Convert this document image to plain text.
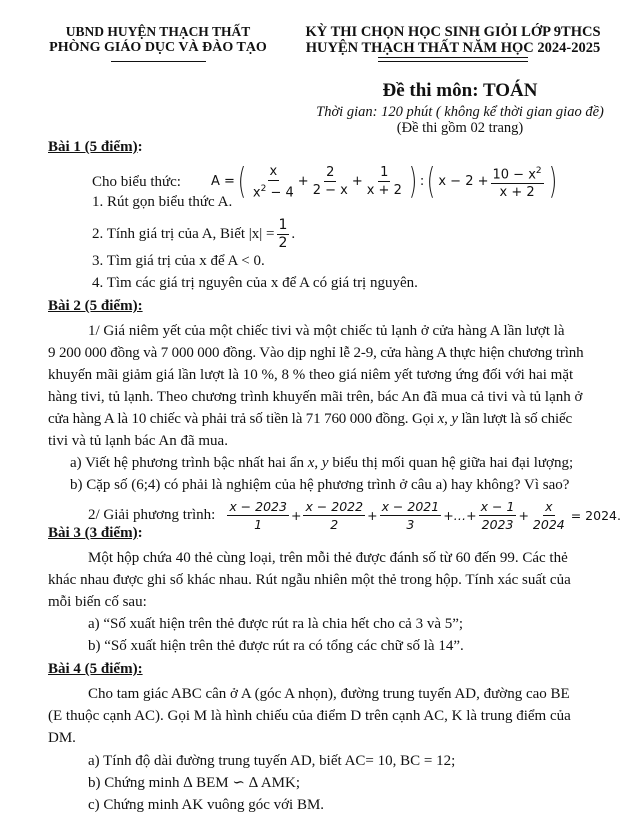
UBND HUYỆN THẠCH THẤT
PHÒNG GIÁO DỤC VÀ ĐÀO TẠO
KỲ THI CHỌN HỌC SINH GIỎI LỚP 9THCS
HUYỆN THẠCH THẤT NĂM HỌC 2024-2025
Đề thi môn: TOÁN
Thời gian: 120 phút ( không kể thời gian giao đề)
(Đề thi gồm 02 trang)
Bài 1 (5 điểm):
Cho biểu thức: A = ( $\frac{x}{x^2 - 4} + \frac{2}{2 - x} + \frac{1}{x + 2}$ ) : ( $x - 2 + \frac{10 - x^2}{x + 2}$ )
1. Rút gọn biểu thức A.
2. Tính giá trị của A, Biết $|x| = \frac{1}{2}$ .
3. Tìm giá trị của x để A < 0.
4. Tìm các giá trị nguyên của x để A có giá trị nguyên.
Bài 2 (5 điểm):
1/ Giá niêm yết của một chiếc tivi và một chiếc tủ lạnh ở cửa hàng A lần lượt là
9 200 000 đồng và 7 000 000 đồng. Vào dịp nghỉ lễ 2-9, cửa hàng A thực hiện chương trình
khuyến mãi giảm giá lần lượt là 10 %, 8 % theo giá niêm yết tương ứng đối với hai mặt
hàng tivi, tủ lạnh. Theo chương trình khuyến mãi trên, bác An đã mua cả tivi và tủ lạnh ở
cửa hàng A là 10 chiếc và phải trả số tiền là 71 760 000 đồng. Gọi x, y lần lượt là số chiếc
tivi và tủ lạnh bác An đã mua.
a) Viết hệ phương trình bậc nhất hai ẩn x, y biểu thị mối quan hệ giữa hai đại lượng;
b) Cặp số (6;4) có phải là nghiệm của hệ phương trình ở câu a) hay không? Vì sao?
2/ Giải phương trình: $\frac{x - 2023}{1} + \frac{x - 2022}{2} + \frac{x - 2021}{3}$ +…+ $\frac{x - 1}{2023} + \frac{x}{2024} = 2024$.
Bài 3 (3 điểm):
Một hộp chứa 40 thẻ cùng loại, trên mỗi thẻ được đánh số từ 60 đến 99. Các thẻ
khác nhau được ghi số khác nhau. Rút ngẫu nhiên một thẻ trong hộp. Tính xác suất của
mỗi biến cố sau:
a) “Số xuất hiện trên thẻ được rút ra là chia hết cho cả 3 và 5”;
b) “Số xuất hiện trên thẻ được rút ra có tổng các chữ số là 14”.
Bài 4 (5 điểm):
Cho tam giác ABC cân ở A (góc A nhọn), đường trung tuyến AD, đường cao BE
(E thuộc cạnh AC). Gọi M là hình chiếu của điểm D trên cạnh AC, K là trung điểm của
DM.
a) Tính độ dài đường trung tuyến AD, biết AC= 10, BC = 12;
b) Chứng minh ∆ BEM ∽ ∆ AMK;
c) Chứng minh AK vuông góc với BM.
